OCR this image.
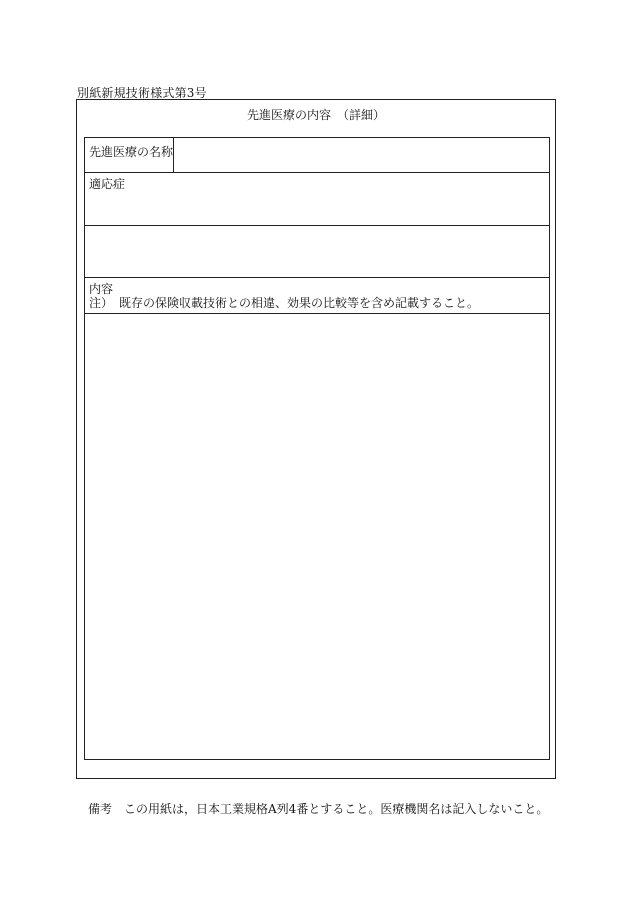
別紙新規技術様式第3号
先進医療の内容　（詳細）
先進医療の名称
適応症
内容
注）　既存の保険収載技術との相違、効果の比較等を含め記載すること。
備考 この用紙は，日本工業規格A列4番とすること。医療機関名は記入しないこと。
